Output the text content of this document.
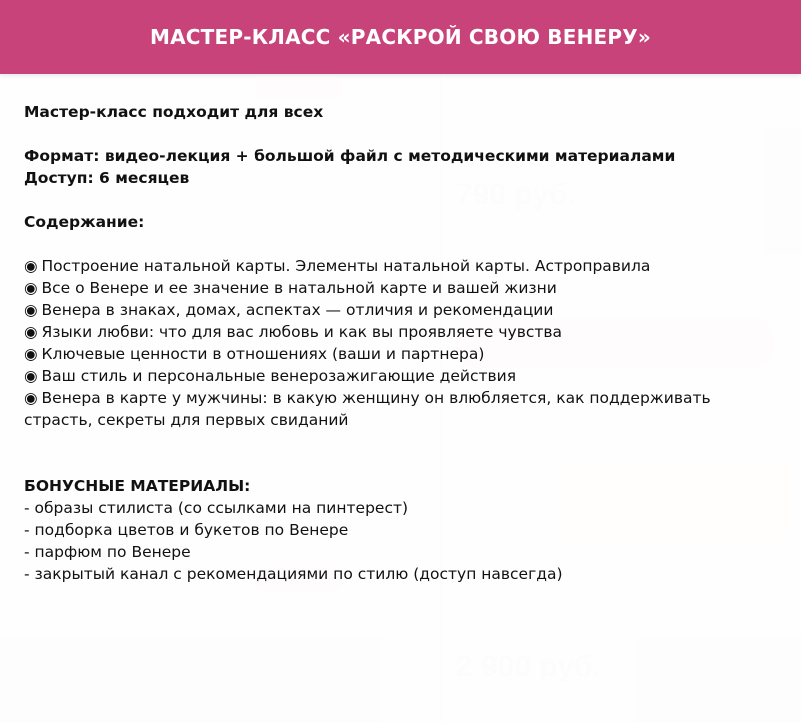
МАСТЕР-КЛАСС «РАСКРОЙ СВОЮ ВЕНЕРУ»

Мастер-класс подходит для всех

Формат: видео-лекция + большой файл с методическими материалами

Доступ: 6 месяцев

Содержание:

◉ Построение натальной карты. Элементы натальной карты. Астроправила

◉ Все о Венере и ее значение в натальной карте и вашей жизни

◉ Венера в знаках, домах, аспектах — отличия и рекомендации

◉ Языки любви: что для вас любовь и как вы проявляете чувства

◉ Ключевые ценности в отношениях (ваши и партнера)

◉ Ваш стиль и персональные венерозажигающие действия

◉ Венера в карте у мужчины: в какую женщину он влюбляется, как поддерживать страсть, секреты для первых свиданий

БОНУСНЫЕ МАТЕРИАЛЫ:

- образы стилиста (со ссылками на пинтерест)

- подборка цветов и букетов по Венере

- парфюм по Венере

- закрытый канал с рекомендациями по стилю (доступ навсегда)
